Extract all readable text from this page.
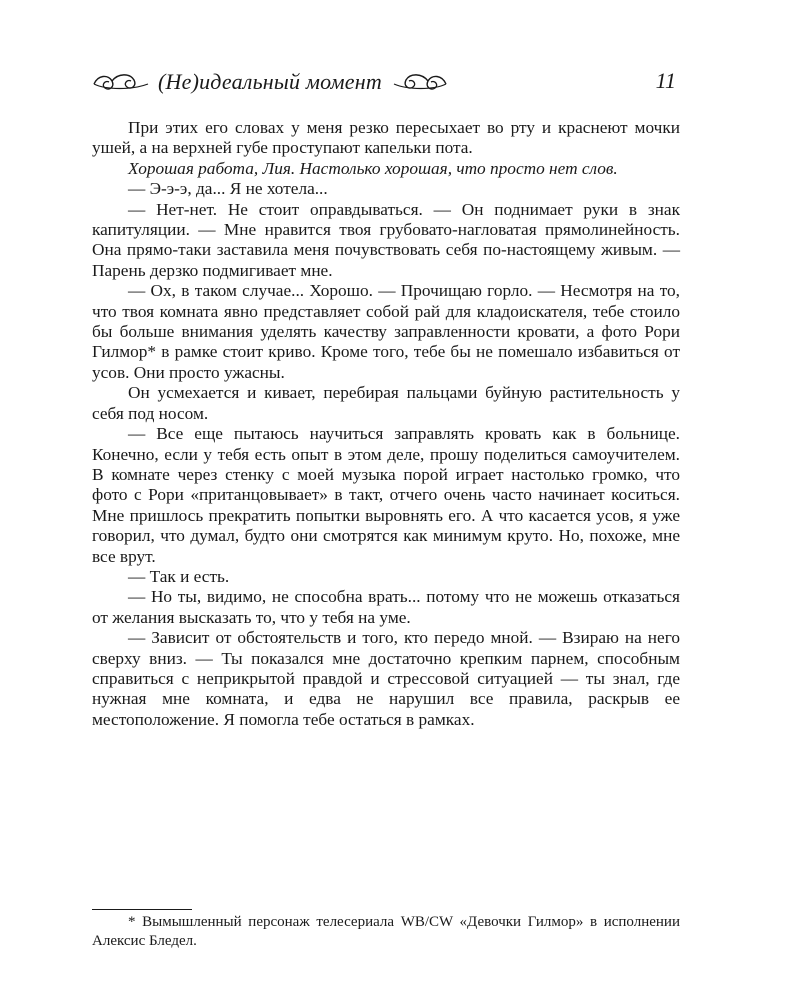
(Не)идеальный момент	11

При этих его словах у меня резко пересыхает во рту и краснеют мочки ушей, а на верхней губе проступают капельки пота.

Хорошая работа, Лия. Настолько хорошая, что просто нет слов.

— Э-э-э, да... Я не хотела...

— Нет-нет. Не стоит оправдываться. — Он поднимает руки в знак капитуляции. — Мне нравится твоя грубовато-нагловатая прямолинейность. Она прямо-таки заставила меня почувствовать себя по-настоящему живым. — Парень дерзко подмигивает мне.

— Ох, в таком случае... Хорошо. — Прочищаю горло. — Несмотря на то, что твоя комната явно представляет собой рай для кладоискателя, тебе стоило бы больше внимания уделять качеству заправленности кровати, а фото Рори Гилмор* в рамке стоит криво. Кроме того, тебе бы не помешало избавиться от усов. Они просто ужасны.

Он усмехается и кивает, перебирая пальцами буйную растительность у себя под носом.

— Все еще пытаюсь научиться заправлять кровать как в больнице. Конечно, если у тебя есть опыт в этом деле, прошу поделиться самоучителем. В комнате через стенку с моей музыка порой играет настолько громко, что фото с Рори «пританцовывает» в такт, отчего очень часто начинает коситься. Мне пришлось прекратить попытки выровнять его. А что касается усов, я уже говорил, что думал, будто они смотрятся как минимум круто. Но, похоже, мне все врут.

— Так и есть.

— Но ты, видимо, не способна врать... потому что не можешь отказаться от желания высказать то, что у тебя на уме.

— Зависит от обстоятельств и того, кто передо мной. — Взираю на него сверху вниз. — Ты показался мне достаточно крепким парнем, способным справиться с неприкрытой правдой и стрессовой ситуацией — ты знал, где нужная мне комната, и едва не нарушил все правила, раскрыв ее местоположение. Я помогла тебе остаться в рамках.

* Вымышленный персонаж телесериала WB/CW «Девочки Гилмор» в исполнении Алексис Бледел.
